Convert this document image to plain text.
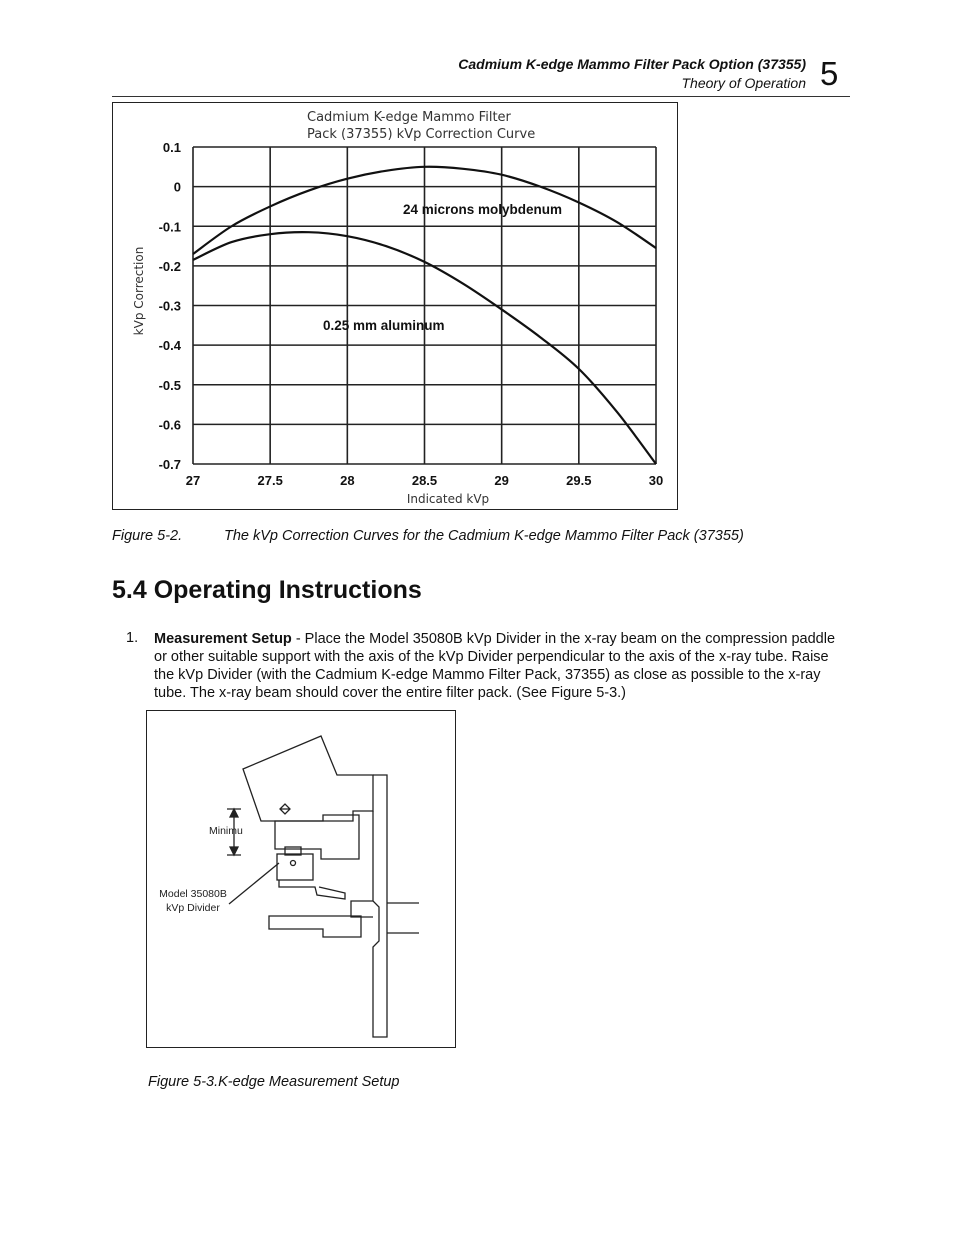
Cadmium K-edge Mammo Filter Pack Option (37355)
Theory of Operation 5
Cadmium K-edge Mammo Filter
Pack (37355) kVp Correction Curve
0.1
0
-0.1
-0.2
-0.3
-0.4
-0.5
-0.6
-0.7
27	27.5	28	28.5	29	29.5	30
Indicated kVp
kVp Correction
24 microns molybdenum
0.25 mm aluminum
Figure 5-2.	The kVp Correction Curves for the Cadmium K-edge Mammo Filter Pack (37355)
5.4 Operating Instructions
1. Measurement Setup - Place the Model 35080B kVp Divider in the x-ray beam on the compression paddle or other suitable support with the axis of the kVp Divider perpendicular to the axis of the x-ray tube. Raise the kVp Divider (with the Cadmium K-edge Mammo Filter Pack, 37355) as close as possible to the x-ray tube. The x-ray beam should cover the entire filter pack. (See Figure 5-3.)
Minimu
Model 35080B
kVp Divider
Figure 5-3.K-edge Measurement Setup
